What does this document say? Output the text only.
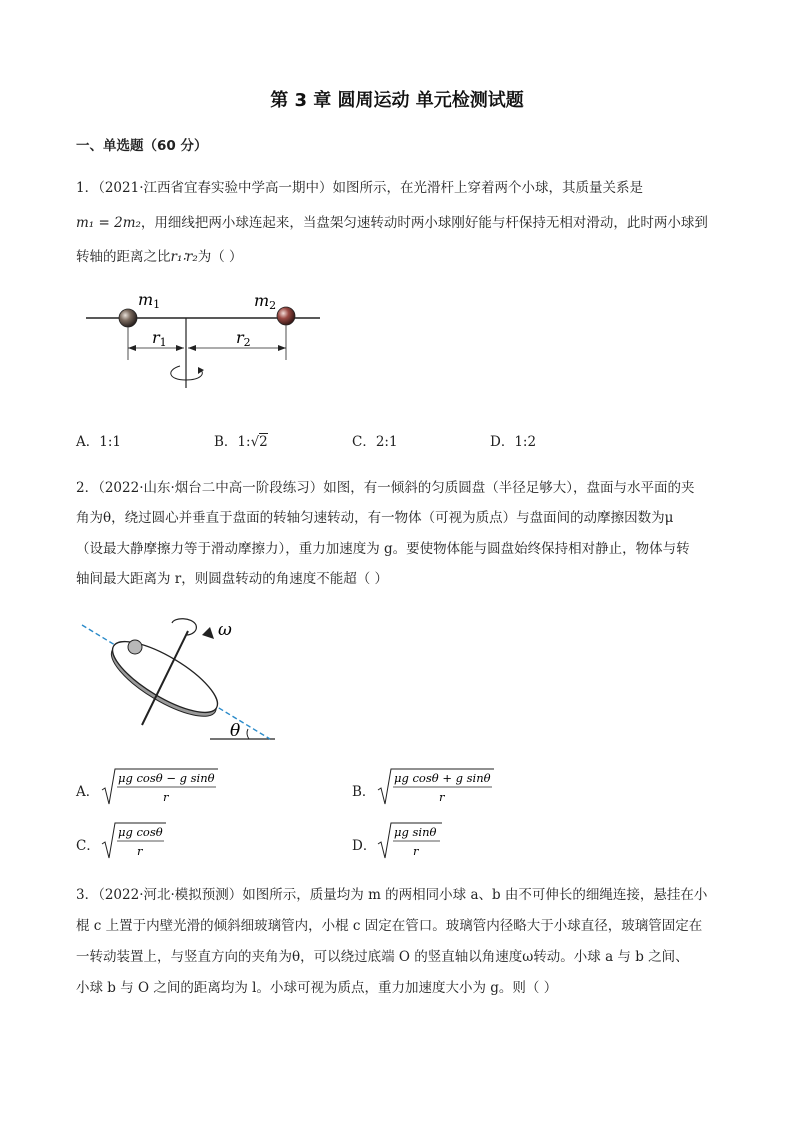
第 3 章 圆周运动 单元检测试题
一、单选题（60 分）
1．（2021·江西省宜春实验中学高一期中）如图所示，在光滑杆上穿着两个小球，其质量关系是
m₁ = 2m₂，用细线把两小球连起来，当盘架匀速转动时两小球刚好能与杆保持无相对滑动，此时两小球到
转轴的距离之比r₁∶r₂为（ ）
m1	m2
r1	r2
A．1:1	B．1:√2	C．2:1	D．1:2
2．（2022·山东·烟台二中高一阶段练习）如图，有一倾斜的匀质圆盘（半径足够大），盘面与水平面的夹
角为θ，绕过圆心并垂直于盘面的转轴匀速转动，有一物体（可视为质点）与盘面间的动摩擦因数为μ
（设最大静摩擦力等于滑动摩擦力），重力加速度为 g。要使物体能与圆盘始终保持相对静止，物体与转
轴间最大距离为 r，则圆盘转动的角速度不能超（ ）
ω
θ
A．
μg cosθ − g sinθ
r	B．
μg cosθ + g sinθ
r
C．
μg cosθ
r	D．
μg sinθ
r
3．（2022·河北·模拟预测）如图所示，质量均为 m 的两相同小球 a、b 由不可伸长的细绳连接，悬挂在小
棍 c 上置于内壁光滑的倾斜细玻璃管内，小棍 c 固定在管口。玻璃管内径略大于小球直径，玻璃管固定在
一转动装置上，与竖直方向的夹角为θ，可以绕过底端 O 的竖直轴以角速度ω转动。小球 a 与 b 之间、
小球 b 与 O 之间的距离均为 l。小球可视为质点，重力加速度大小为 g。则（ ）
